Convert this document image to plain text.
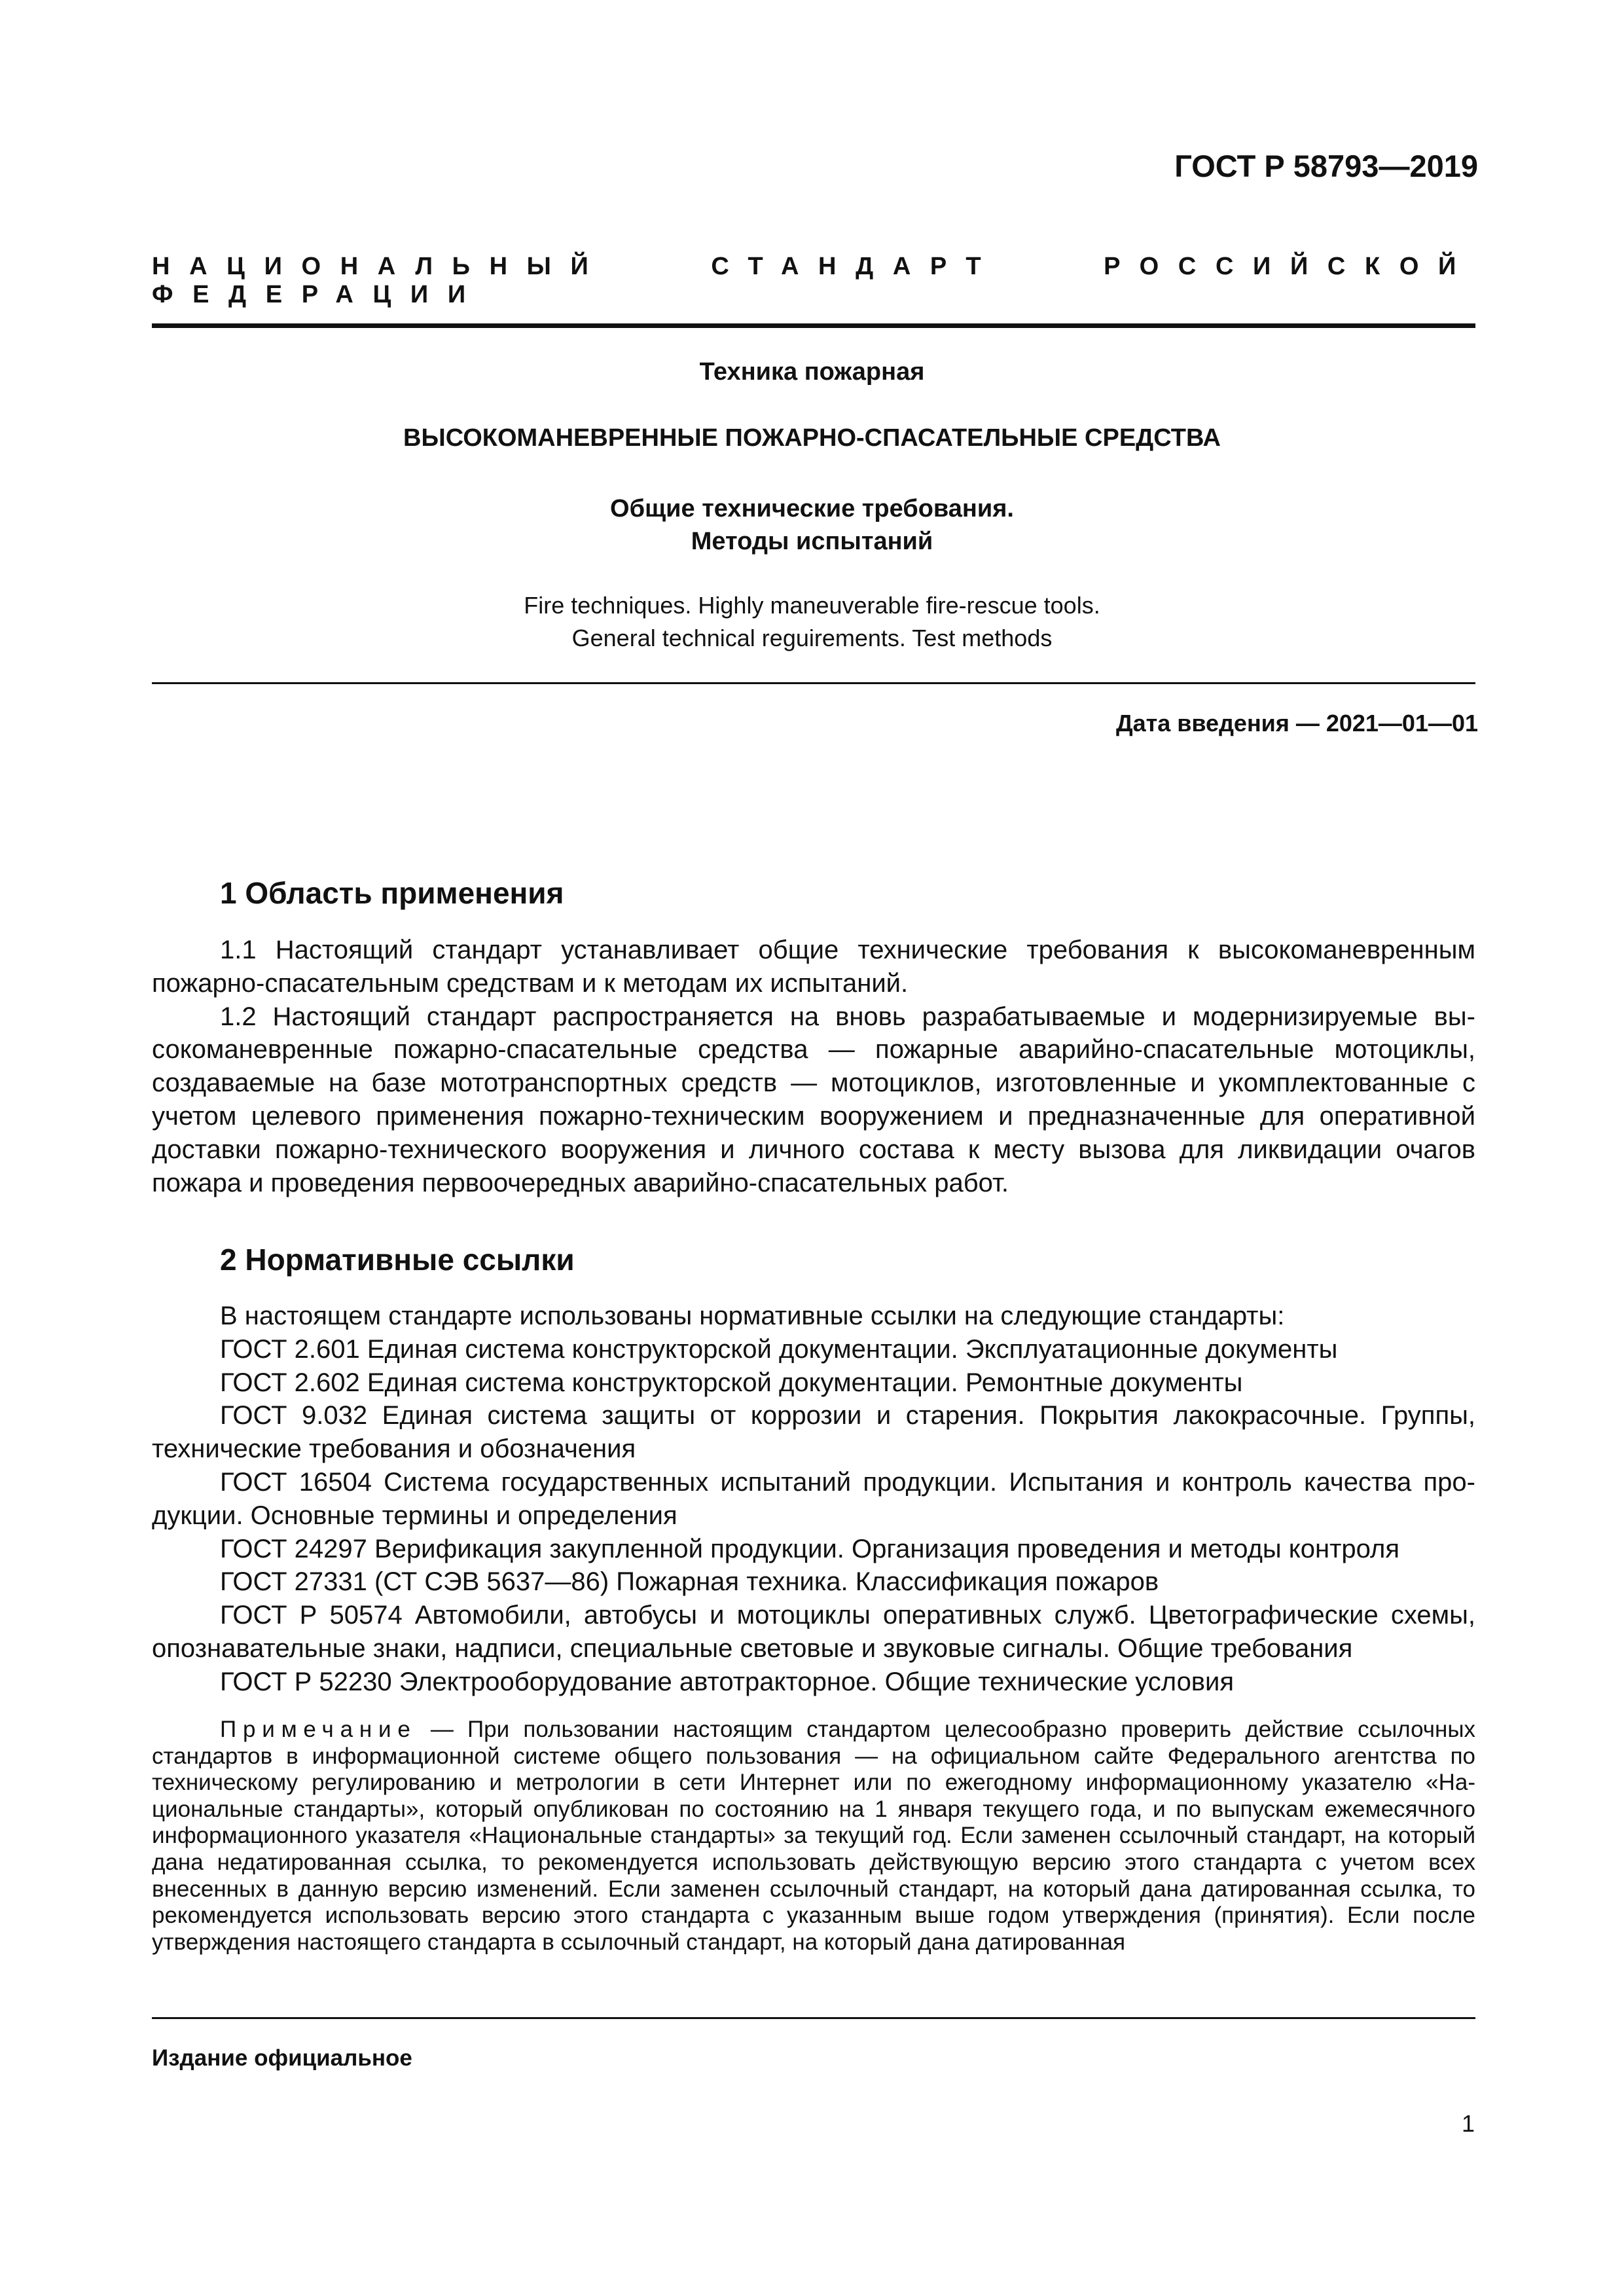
ГОСТ Р 58793—2019
НАЦИОНАЛЬНЫЙ СТАНДАРТ РОССИЙСКОЙ ФЕДЕРАЦИИ
Техника пожарная
ВЫСОКОМАНЕВРЕННЫЕ ПОЖАРНО-СПАСАТЕЛЬНЫЕ СРЕДСТВА
Общие технические требования.
Методы испытаний
Fire techniques. Highly maneuverable fire-rescue tools.
General technical reguirements. Test methods
Дата введения — 2021—01—01
1 Область применения

1.1 Настоящий стандарт устанавливает общие технические требования к высокоманевренным пожарно-спасательным средствам и к методам их испытаний.

1.2 Настоящий стандарт распространяется на вновь разрабатываемые и модернизируемые высокоманевренные пожарно-спасательные средства — пожарные аварийно-спасательные мотоциклы, создаваемые на базе мототранспортных средств — мотоциклов, изготовленные и укомплектованные с учетом целевого применения пожарно-техническим вооружением и предназначенные для оперативной доставки пожарно-технического вооружения и личного состава к месту вызова для ликвидации очагов пожара и проведения первоочередных аварийно-спасательных работ.

2 Нормативные ссылки

В настоящем стандарте использованы нормативные ссылки на следующие стандарты:

ГОСТ 2.601 Единая система конструкторской документации. Эксплуатационные документы

ГОСТ 2.602 Единая система конструкторской документации. Ремонтные документы

ГОСТ 9.032 Единая система защиты от коррозии и старения. Покрытия лакокрасочные. Группы, технические требования и обозначения

ГОСТ 16504 Система государственных испытаний продукции. Испытания и контроль качества продукции. Основные термины и определения

ГОСТ 24297 Верификация закупленной продукции. Организация проведения и методы контроля

ГОСТ 27331 (СТ СЭВ 5637—86) Пожарная техника. Классификация пожаров

ГОСТ Р 50574 Автомобили, автобусы и мотоциклы оперативных служб. Цветографические схемы, опознавательные знаки, надписи, специальные световые и звуковые сигналы. Общие требования

ГОСТ Р 52230 Электрооборудование автотракторное. Общие технические условия

Примечание — При пользовании настоящим стандартом целесообразно проверить действие ссылочных стандартов в информационной системе общего пользования — на официальном сайте Федерального агентства по техническому регулированию и метрологии в сети Интернет или по ежегодному информационному указателю «Национальные стандарты», который опубликован по состоянию на 1 января текущего года, и по выпускам ежемесячного информационного указателя «Национальные стандарты» за текущий год. Если заменен ссылочный стандарт, на который дана недатированная ссылка, то рекомендуется использовать действующую версию этого стандарта с учетом всех внесенных в данную версию изменений. Если заменен ссылочный стандарт, на который дана датированная ссылка, то рекомендуется использовать версию этого стандарта с указанным выше годом утверждения (принятия). Если после утверждения настоящего стандарта в ссылочный стандарт, на который дана датированная
Издание официальное
1
